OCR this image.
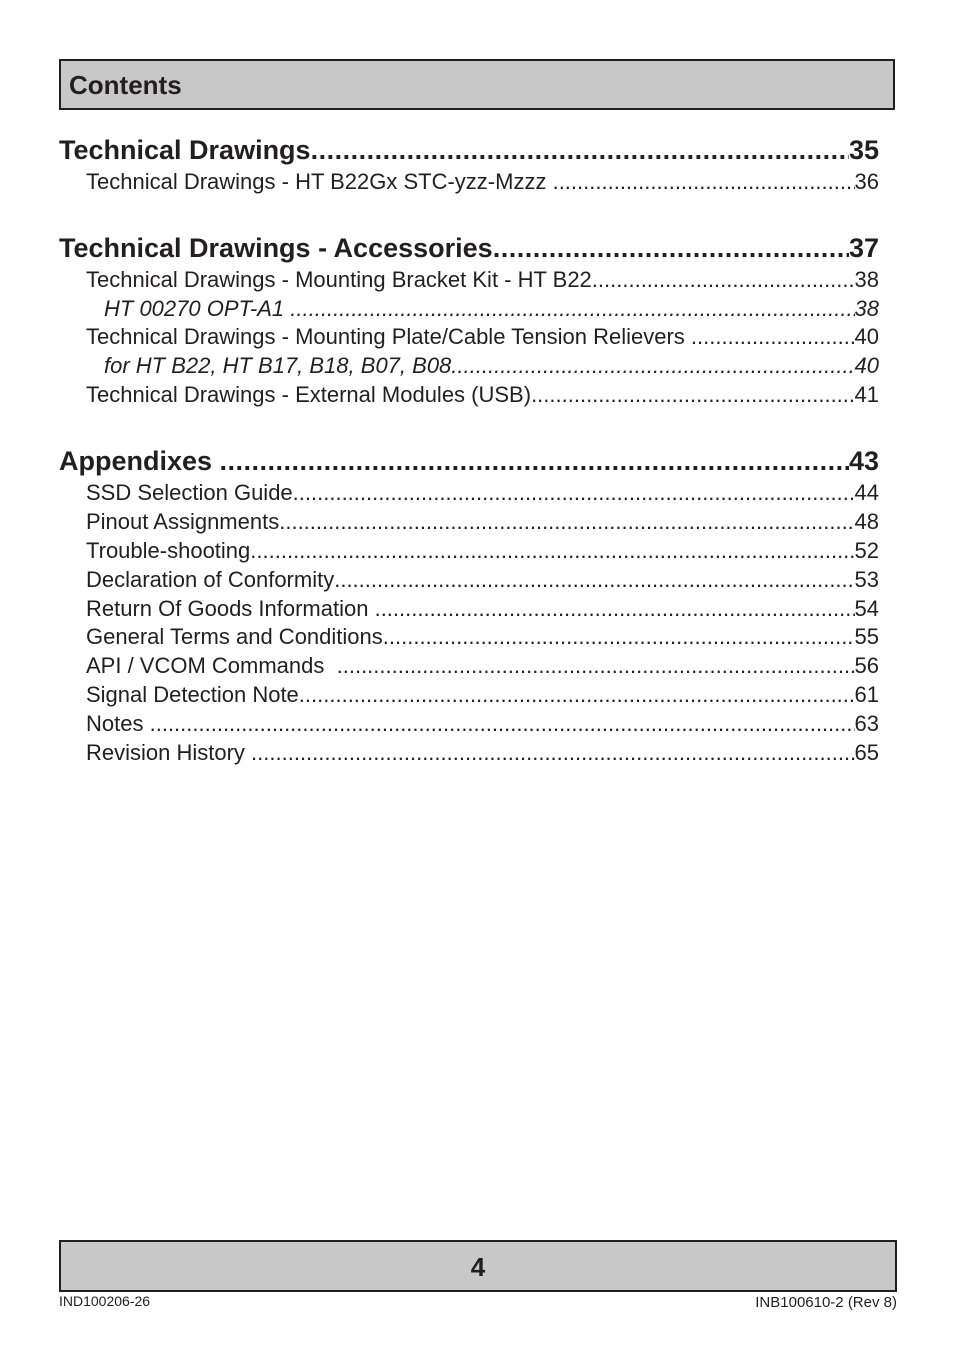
Contents
Technical Drawings .....	35
Technical Drawings - HT B22Gx STC-yzz-Mzzz .....	36
Technical Drawings - Accessories .....	37
Technical Drawings - Mounting Bracket Kit - HT B22 .....	38
HT 00270 OPT-A1 .....	38
Technical Drawings - Mounting Plate/Cable Tension Relievers .....	40
for HT B22, HT B17, B18, B07, B08 .....	40
Technical Drawings - External Modules (USB) .....	41
Appendixes .....	43
SSD Selection Guide .....	44
Pinout Assignments .....	48
Trouble-shooting .....	52
Declaration of Conformity .....	53
Return Of Goods Information .....	54
General Terms and Conditions .....	55
API / VCOM Commands .....	56
Signal Detection Note .....	61
Notes .....	63
Revision History .....	65
4
IND100206-26	INB100610-2 (Rev 8)
